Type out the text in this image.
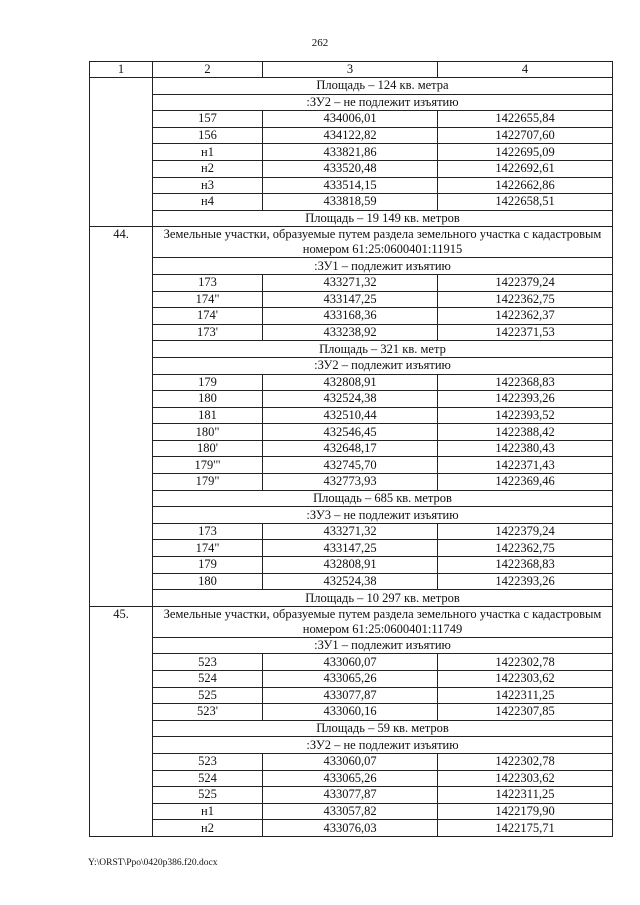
262
1	2	3	4
	Площадь – 124 кв. метра		
	:ЗУ2 – не подлежит изъятию		
	157	434006,01	1422655,84
	156	434122,82	1422707,60
	н1	433821,86	1422695,09
	н2	433520,48	1422692,61
	н3	433514,15	1422662,86
	н4	433818,59	1422658,51
	Площадь – 19 149 кв. метров		
44.	Земельные участки, образуемые путем раздела земельного участка с кадастровым номером 61:25:0600401:11915		

	:ЗУ1 – подлежит изъятию		
	173	433271,32	1422379,24
	174"	433147,25	1422362,75
	174'	433168,36	1422362,37
	173'	433238,92	1422371,53
	Площадь – 321 кв. метр		
	:ЗУ2 – подлежит изъятию		
	179	432808,91	1422368,83
	180	432524,38	1422393,26
	181	432510,44	1422393,52
	180"	432546,45	1422388,42
	180'	432648,17	1422380,43
	179'"	432745,70	1422371,43
	179"	432773,93	1422369,46
	Площадь – 685 кв. метров		
	:ЗУ3 – не подлежит изъятию		
	173	433271,32	1422379,24
	174"	433147,25	1422362,75
	179	432808,91	1422368,83
	180	432524,38	1422393,26
	Площадь – 10 297 кв. метров		
45.	Земельные участки, образуемые путем раздела земельного участка с кадастровым номером 61:25:0600401:11749		

	:ЗУ1 – подлежит изъятию		
	523	433060,07	1422302,78
	524	433065,26	1422303,62
	525	433077,87	1422311,25
	523'	433060,16	1422307,85
	Площадь – 59 кв. метров		
	:ЗУ2 – не подлежит изъятию		
	523	433060,07	1422302,78
	524	433065,26	1422303,62
	525	433077,87	1422311,25
	н1	433057,82	1422179,90
	н2	433076,03	1422175,71
Y:\ORST\Ppo\0420p386.f20.docx
